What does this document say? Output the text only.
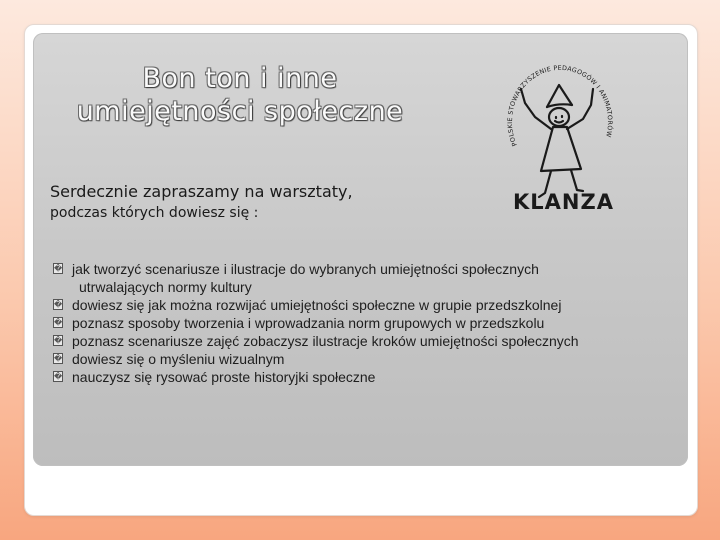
Bon ton i inne
umiejętności społeczne
Serdecznie zapraszamy na warsztaty,
podczas których dowiesz się :
� jak tworzyć scenariusze i ilustracje do wybranych umiejętności społecznych
utrwalających normy kultury
� dowiesz się jak można rozwijać umiejętności społeczne w grupie przedszkolnej
� poznasz sposoby tworzenia i wprowadzania norm grupowych w przedszkolu
� poznasz scenariusze zajęć zobaczysz ilustracje kroków umiejętności społecznych
� dowiesz się o myśleniu wizualnym
� nauczysz się rysować proste historyjki społeczne
POLSKIE STOWARZYSZENIE PEDAGOGÓW I ANIMATORÓW
KLANZA
